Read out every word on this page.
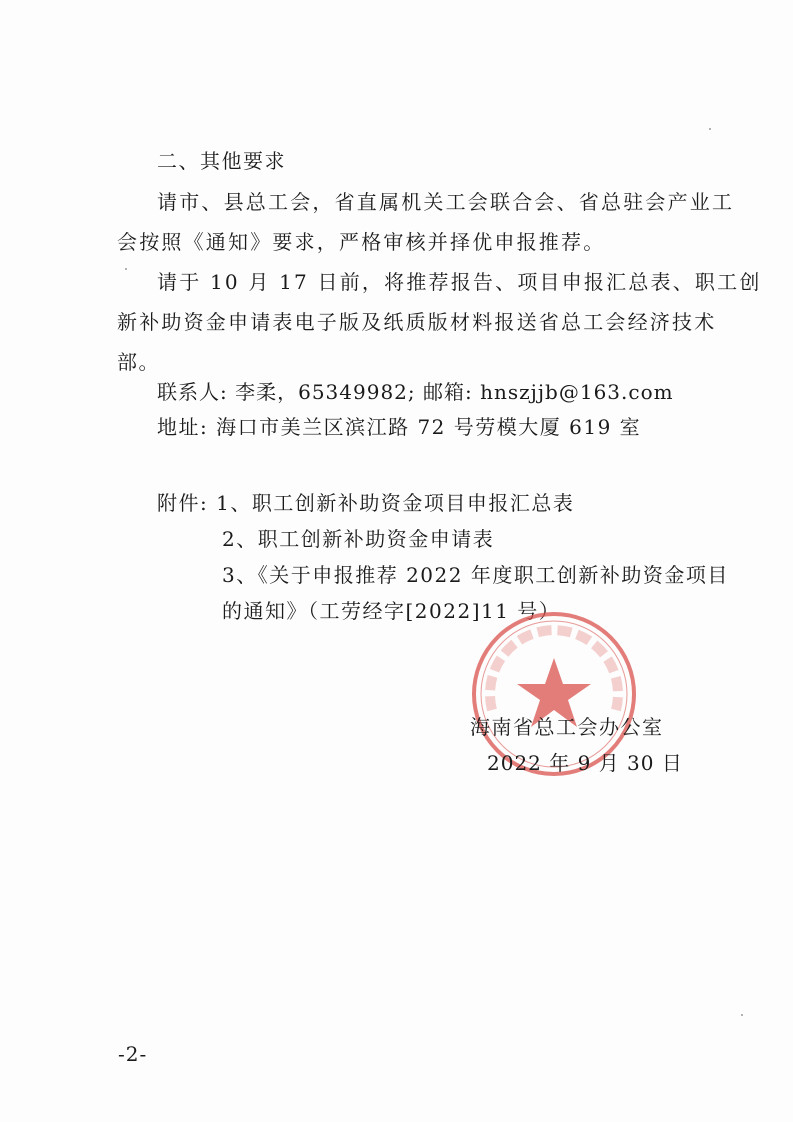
二、其他要求
请市、县总工会，省直属机关工会联合会、省总驻会产业工
会按照《通知》要求，严格审核并择优申报推荐。
请于 10 月 17 日前，将推荐报告、项目申报汇总表、职工创
新补助资金申请表电子版及纸质版材料报送省总工会经济技术
部。
联系人: 李柔，65349982; 邮箱: hnszjjb@163.com
地址: 海口市美兰区滨江路 72 号劳模大厦 619 室
附件: 1、职工创新补助资金项目申报汇总表
2、职工创新补助资金申请表
3、《关于申报推荐 2022 年度职工创新补助资金项目
的通知》（工劳经字[2022]11 号）
海南省总工会办公室
2022 年 9 月 30 日
-2-
